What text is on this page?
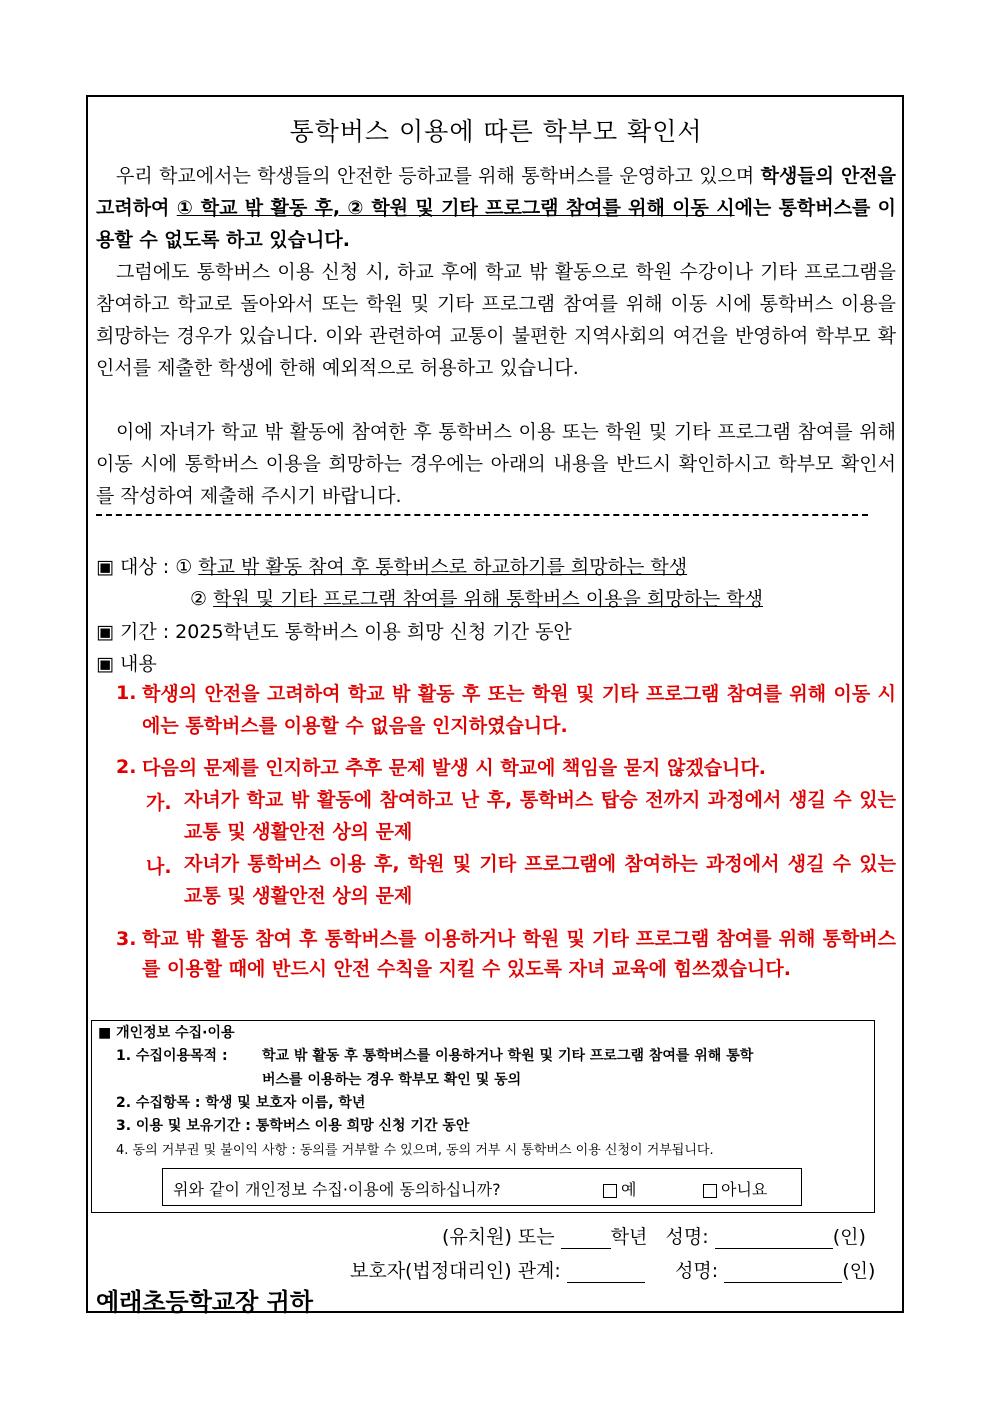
통학버스 이용에 따른 학부모 확인서
우리 학교에서는 학생들의 안전한 등하교를 위해 통학버스를 운영하고 있으며 학생들의 안전을 고려하여 ① 학교 밖 활동 후, ② 학원 및 기타 프로그램 참여를 위해 이동 시에는 통학버스를 이용할 수 없도록 하고 있습니다.
그럼에도 통학버스 이용 신청 시, 하교 후에 학교 밖 활동으로 학원 수강이나 기타 프로그램을 참여하고 학교로 돌아와서 또는 학원 및 기타 프로그램 참여를 위해 이동 시에 통학버스 이용을 희망하는 경우가 있습니다. 이와 관련하여 교통이 불편한 지역사회의 여건을 반영하여 학부모 확인서를 제출한 학생에 한해 예외적으로 허용하고 있습니다.
이에 자녀가 학교 밖 활동에 참여한 후 통학버스 이용 또는 학원 및 기타 프로그램 참여를 위해 이동 시에 통학버스 이용을 희망하는 경우에는 아래의 내용을 반드시 확인하시고 학부모 확인서를 작성하여 제출해 주시기 바랍니다.
▣ 대상 : ① 학교 밖 활동 참여 후 통학버스로 하교하기를 희망하는 학생
② 학원 및 기타 프로그램 참여를 위해 통학버스 이용을 희망하는 학생
▣ 기간 : 2025학년도 통학버스 이용 희망 신청 기간 동안
▣ 내용
1. 학생의 안전을 고려하여 학교 밖 활동 후 또는 학원 및 기타 프로그램 참여를 위해 이동 시에는 통학버스를 이용할 수 없음을 인지하였습니다.
2. 다음의 문제를 인지하고 추후 문제 발생 시 학교에 책임을 묻지 않겠습니다.
가. 자녀가 학교 밖 활동에 참여하고 난 후, 통학버스 탑승 전까지 과정에서 생길 수 있는 교통 및 생활안전 상의 문제
나. 자녀가 통학버스 이용 후, 학원 및 기타 프로그램에 참여하는 과정에서 생길 수 있는 교통 및 생활안전 상의 문제
3. 학교 밖 활동 참여 후 통학버스를 이용하거나 학원 및 기타 프로그램 참여를 위해 통학버스를 이용할 때에 반드시 안전 수칙을 지킬 수 있도록 자녀 교육에 힘쓰겠습니다.
■ 개인정보 수집·이용
1. 수집이용목적 : 학교 밖 활동 후 통학버스를 이용하거나 학원 및 기타 프로그램 참여를 위해 통학
버스를 이용하는 경우 학부모 확인 및 동의
2. 수집항목 : 학생 및 보호자 이름, 학년
3. 이용 및 보유기간 : 통학버스 이용 희망 신청 기간 동안
4. 동의 거부권 및 불이익 사항 : 동의를 거부할 수 있으며, 동의 거부 시 통학버스 이용 신청이 거부됩니다.
위와 같이 개인정보 수집·이용에 동의하십니까?	예	아니요
(유치원) 또는	학년 성명:	(인)
보호자(법정대리인) 관계:	성명:	(인)
예래초등학교장 귀하
